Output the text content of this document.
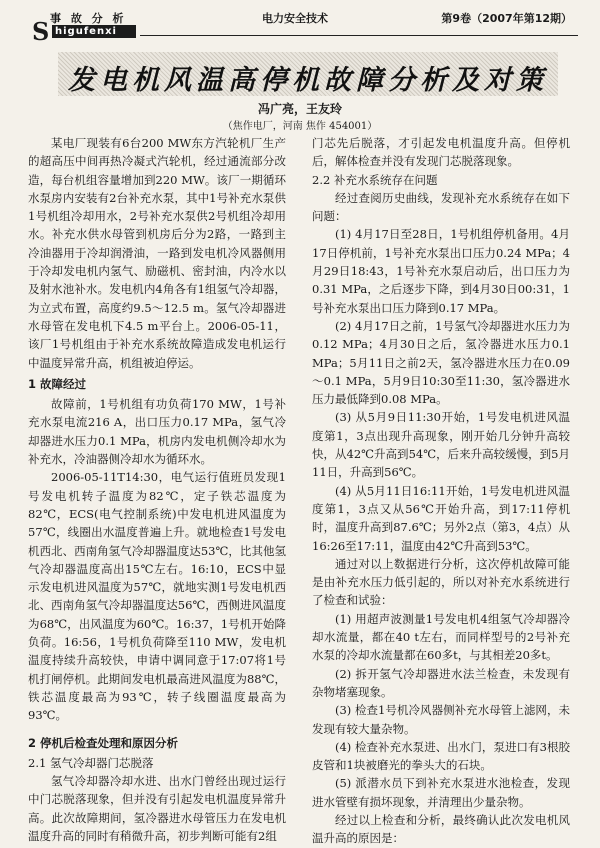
事 故 分 析
S higufenxi
电力安全技术	第9卷（2007年第12期）
发电机风温高停机故障分析及对策
冯广亮，王友玲
（焦作电厂，河南 焦作 454001）

某电厂现装有6台200 MW东方汽轮机厂生产的超高压中间再热冷凝式汽轮机，经过通流部分改造，每台机组容量增加到220 MW。该厂一期循环水泵房内安装有2台补充水泵，其中1号补充水泵供1号机组冷却用水，2号补充水泵供2号机组冷却用水。补充水供水母管到机房后分为2路，一路到主冷油器用于冷却润滑油，一路到发电机冷风器侧用于冷却发电机内氢气、励磁机、密封油，内冷水以及射水池补水。发电机内4角各有1组氢气冷却器，为立式布置，高度约9.5～12.5 m。氢气冷却器进水母管在发电机下4.5 m平台上。2006-05-11，该厂1号机组由于补充水系统故障造成发电机运行中温度异常升高，机组被迫停运。

1 故障经过

故障前，1号机组有功负荷170 MW，1号补充水泵电流216 A，出口压力0.17 MPa，氢气冷却器进水压力0.1 MPa，机房内发电机侧冷却水为补充水，冷油器侧冷却水为循环水。

2006-05-11T14:30，电气运行值班员发现1号发电机转子温度为82℃，定子铁芯温度为82℃，ECS(电气控制系统)中发电机进风温度为57℃，线圈出水温度普遍上升。就地检查1号发电机西北、西南角氢气冷却器温度达53℃，比其他氢气冷却器温度高出15℃左右。16:10，ECS中显示发电机进风温度为57℃，就地实测1号发电机西北、西南角氢气冷却器温度达56℃，西侧进风温度为68℃，出风温度为60℃。16:37，1号机开始降负荷。16:56，1号机负荷降至110 MW，发电机温度持续升高较快，申请中调同意于17:07将1号机打闸停机。此期间发电机最高进风温度为88℃，铁芯温度最高为93℃，转子线圈温度最高为93℃。

2 停机后检查处理和原因分析
2.1 氢气冷却器门芯脱落

氢气冷却器冷却水进、出水门曾经出现过运行中门芯脱落现象，但并没有引起发电机温度异常升高。此次故障期间，氢冷器进水母管压力在发电机温度升高的同时有稍微升高，初步判断可能有2组

门芯先后脱落，才引起发电机温度升高。但停机后，解体检查并没有发现门芯脱落现象。

2.2 补充水系统存在问题

经过查阅历史曲线，发现补充水系统存在如下问题：

(1) 4月17日至28日，1号机组停机备用。4月17日停机前，1号补充水泵出口压力0.24 MPa；4月29日18:43，1号补充水泵启动后，出口压力为0.31 MPa，之后逐步下降，到4月30日00:31，1号补充水泵出口压力降到0.17 MPa。

(2) 4月17日之前，1号氢气冷却器进水压力为0.12 MPa；4月30日之后，氢冷器进水压力0.1 MPa；5月11日之前2天，氢冷器进水压力在0.09～0.1 MPa，5月9日10:30至11:30，氢冷器进水压力最低降到0.08 MPa。

(3) 从5月9日11:30开始，1号发电机进风温度第1，3点出现升高现象，刚开始几分钟升高较快，从42℃升高到54℃，后来升高较缓慢，到5月11日，升高到56℃。

(4) 从5月11日16:11开始，1号发电机进风温度第1，3点又从56℃开始升高，到17:11停机时，温度升高到87.6℃；另外2点（第3，4点）从16:26至17:11，温度由42℃升高到53℃。

通过对以上数据进行分析，这次停机故障可能是由补充水压力低引起的，所以对补充水系统进行了检查和试验：

(1) 用超声波测量1号发电机4组氢气冷却器冷却水流量，都在40 t左右，而同样型号的2号补充水泵的冷却水流量都在60多t，与其相差20多t。

(2) 拆开氢气冷却器进水法兰检查，未发现有杂物堵塞现象。

(3) 检查1号机冷风器侧补充水母管上滤网，未发现有较大量杂物。

(4) 检查补充水泵进、出水门，泵进口有3根胶皮管和1块被磨光的拳头大的石块。

(5) 派潜水员下到补充水泵进水池检查，发现进水管壁有损坏现象，并清理出少量杂物。

经过以上检查和分析，最终确认此次发电机风温升高的原因是：
